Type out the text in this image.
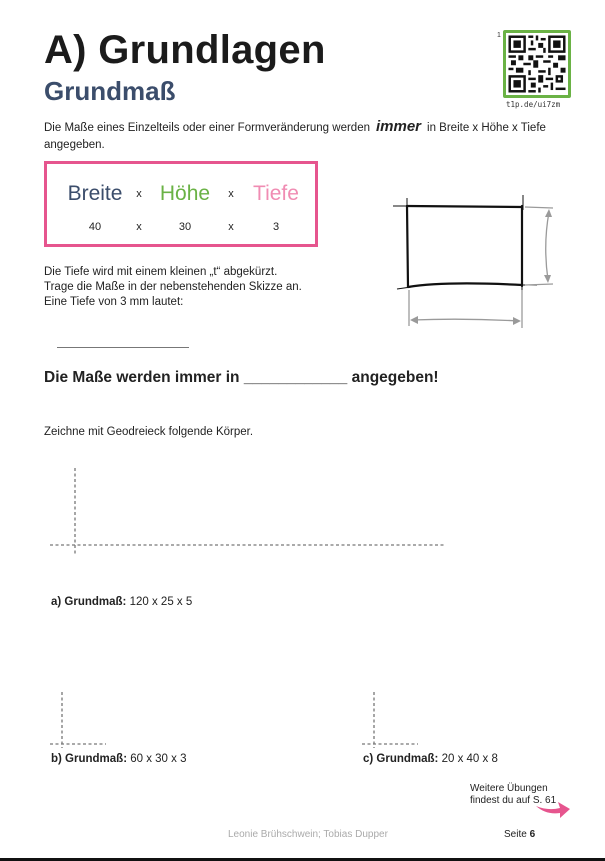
A) Grundlagen
Grundmaß
1
t1p.de/ui7zm
Die Maße eines Einzelteils oder einer Formveränderung werden immer in Breite x Höhe x Tiefe angegeben.
Breite	x Höhe	x Tiefe
40	x	30	x	3
Die Tiefe wird mit einem kleinen „t“ abgekürzt.
Trage die Maße in der nebenstehenden Skizze an.
Eine Tiefe von 3 mm lautet:
Die Maße werden immer in ____________ angegeben!
Zeichne mit Geodreieck folgende Körper.
a) Grundmaß: 120 x 25 x 5
b) Grundmaß: 60 x 30 x 3	c) Grundmaß: 20 x 40 x 8
Weitere Übungen
findest du auf S. 61
Leonie Brühschwein; Tobias Dupper	Seite 6
